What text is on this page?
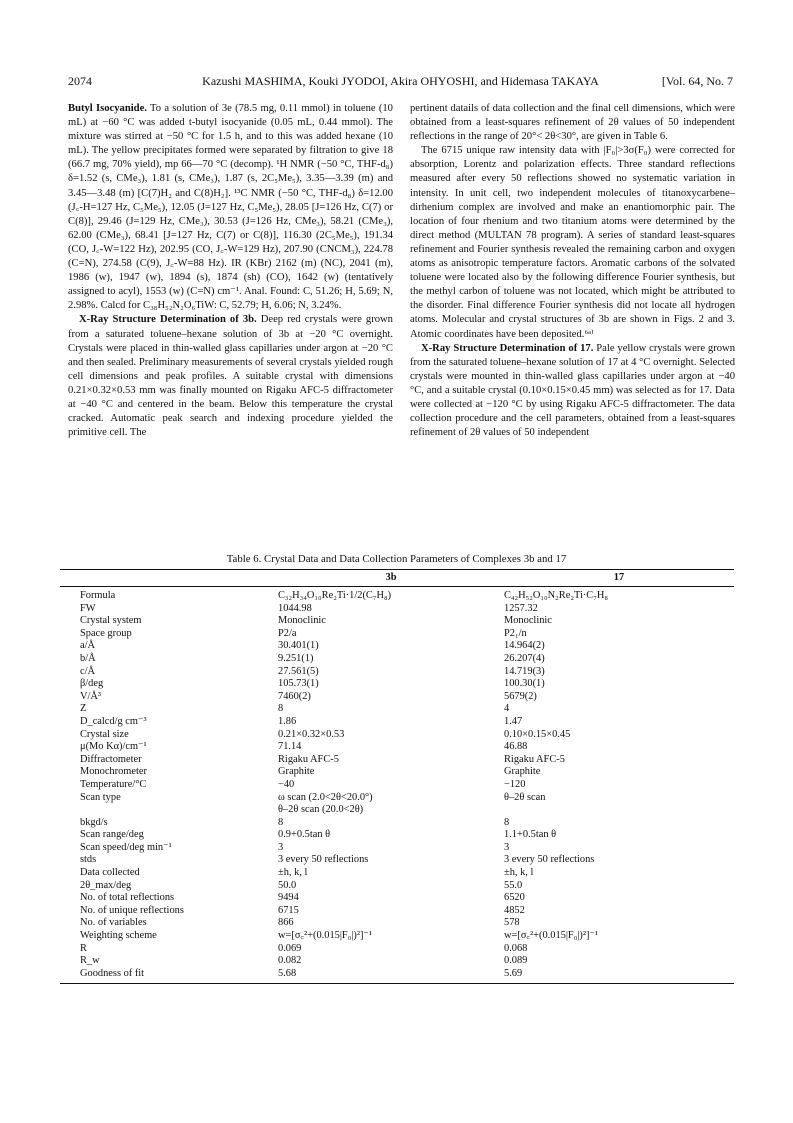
2074	Kazushi MASHIMA, Kouki JYODOI, Akira OHYOSHI, and Hidemasa TAKAYA	[Vol. 64, No. 7

Butyl Isocyanide. To a solution of 3e (78.5 mg, 0.11 mmol) in toluene (10 mL) at −60 °C was added t-butyl isocyanide (0.05 mL, 0.44 mmol). The mixture was stirred at −50 °C for 1.5 h, and to this was added hexane (10 mL). The yellow precipitates formed were separated by filtration to give 18 (66.7 mg, 70% yield), mp 66—70 °C (decomp). ¹H NMR (−50 °C, THF-d₈) δ=1.52 (s, CMe₃), 1.81 (s, CMe₃), 1.87 (s, 2C₅Me₅), 3.35—3.39 (m) and 3.45—3.48 (m) [C(7)H₂ and C(8)H₂]. ¹³C NMR (−50 °C, THF-d₈) δ=12.00 (J꜀-H=127 Hz, C₅Me₅), 12.05 (J=127 Hz, C₅Me₅), 28.05 [J=126 Hz, C(7) or C(8)], 29.46 (J=129 Hz, CMe₃), 30.53 (J=126 Hz, CMe₃), 58.21 (CMe₃), 62.00 (CMe₃), 68.41 [J=127 Hz, C(7) or C(8)], 116.30 (2C₅Me₅), 191.34 (CO, J꜀-W=122 Hz), 202.95 (CO, J꜀-W=129 Hz), 207.90 (CNCM₃), 224.78 (C=N), 274.58 (C(9), J꜀-W=88 Hz). IR (KBr) 2162 (m) (NC), 2041 (m), 1986 (w), 1947 (w), 1894 (s), 1874 (sh) (CO), 1642 (w) (tentatively assigned to acyl), 1553 (w) (C=N) cm⁻¹. Anal. Found: C, 51.26; H, 5.69; N, 2.98%. Calcd for C₃₈H₅₂N₂O₆TiW: C, 52.79; H, 6.06; N, 3.24%.

X-Ray Structure Determination of 3b. Deep red crystals were grown from a saturated toluene–hexane solution of 3b at −20 °C overnight. Crystals were placed in thin-walled glass capillaries under argon at −20 °C and then sealed. Preliminary measurements of several crystals yielded rough cell dimensions and peak profiles. A suitable crystal with dimensions 0.21×0.32×0.53 mm was finally mounted on Rigaku AFC-5 diffractometer at −40 °C and centered in the beam. Below this temperature the crystal cracked. Automatic peak search and indexing procedure yielded the primitive cell. The

pertinent datails of data collection and the final cell dimensions, which were obtained from a least-squares refinement of 2θ values of 50 independent reflections in the range of 20°< 2θ<30°, are given in Table 6.

The 6715 unique raw intensity data with |F₀|>3σ(F₀) were corrected for absorption, Lorentz and polarization effects. Three standard reflections measured after every 50 reflections showed no systematic variation in intensity. In unit cell, two independent molecules of titanoxycarbene–dirhenium complex are involved and make an enantiomorphic pair. The location of four rhenium and two titanium atoms were determined by the direct method (MULTAN 78 program). A series of standard least-squares refinement and Fourier synthesis revealed the remaining carbon and oxygen atoms as anisotropic temperature factors. Aromatic carbons of the solvated toluene were located also by the following difference Fourier synthesis, but the methyl carbon of toluene was not located, which might be attributed to the disorder. Final difference Fourier synthesis did not locate all hydrogen atoms. Molecular and crystal structures of 3b are shown in Figs. 2 and 3. Atomic coordinates have been deposited.⁶ᵃ⁾

X-Ray Structure Determination of 17. Pale yellow crystals were grown from the saturated toluene–hexane solution of 17 at 4 °C overnight. Selected crystals were mounted in thin-walled glass capillaries under argon at −40 °C, and a suitable crystal (0.10×0.15×0.45 mm) was selected as for 17. Data were collected at −120 °C by using Rigaku AFC-5 diffractometer. The data collection procedure and the cell parameters, obtained from a least-squares refinement of 2θ values of 50 independent

Table 6. Crystal Data and Data Collection Parameters of Complexes 3b and 17
	3b	17
Formula	C₃₂H₃₄O₁₀Re₂Ti·1/2(C₇H₈)	C₄₂H₅₂O₁₀N₂Re₂Ti·C₇H₈
FW	1044.98	1257.32
Crystal system	Monoclinic	Monoclinic
Space group	P2/a	P2₁/n
a/Å	30.401(1)	14.964(2)
b/Å	9.251(1)	26.207(4)
c/Å	27.561(5)	14.719(3)
β/deg	105.73(1)	100.30(1)
V/Å³	7460(2)	5679(2)
Z	8	4
D_calcd/g cm⁻³	1.86	1.47
Crystal size	0.21×0.32×0.53	0.10×0.15×0.45
μ(Mo Kα)/cm⁻¹	71.14	46.88
Diffractometer	Rigaku AFC-5	Rigaku AFC-5
Monochrometer	Graphite	Graphite
Temperature/°C	−40	−120
Scan type	ω scan (2.0<2θ<20.0°)	θ–2θ scan
	θ–2θ scan (20.0<2θ)	
bkgd/s	8	8
Scan range/deg	0.9+0.5tan θ	1.1+0.5tan θ
Scan speed/deg min⁻¹	3	3
stds	3 every 50 reflections	3 every 50 reflections
Data collected	±h, k, l	±h, k, l
2θ_max/deg	50.0	55.0
No. of total reflections	9494	6520
No. of unique reflections	6715	4852
No. of variables	866	578
Weighting scheme	w=[σ꜀²+(0.015|F₀|)²]⁻¹	w=[σ꜀²+(0.015|F₀|)²]⁻¹
R	0.069	0.068
R_w	0.082	0.089
Goodness of fit	5.68	5.69
